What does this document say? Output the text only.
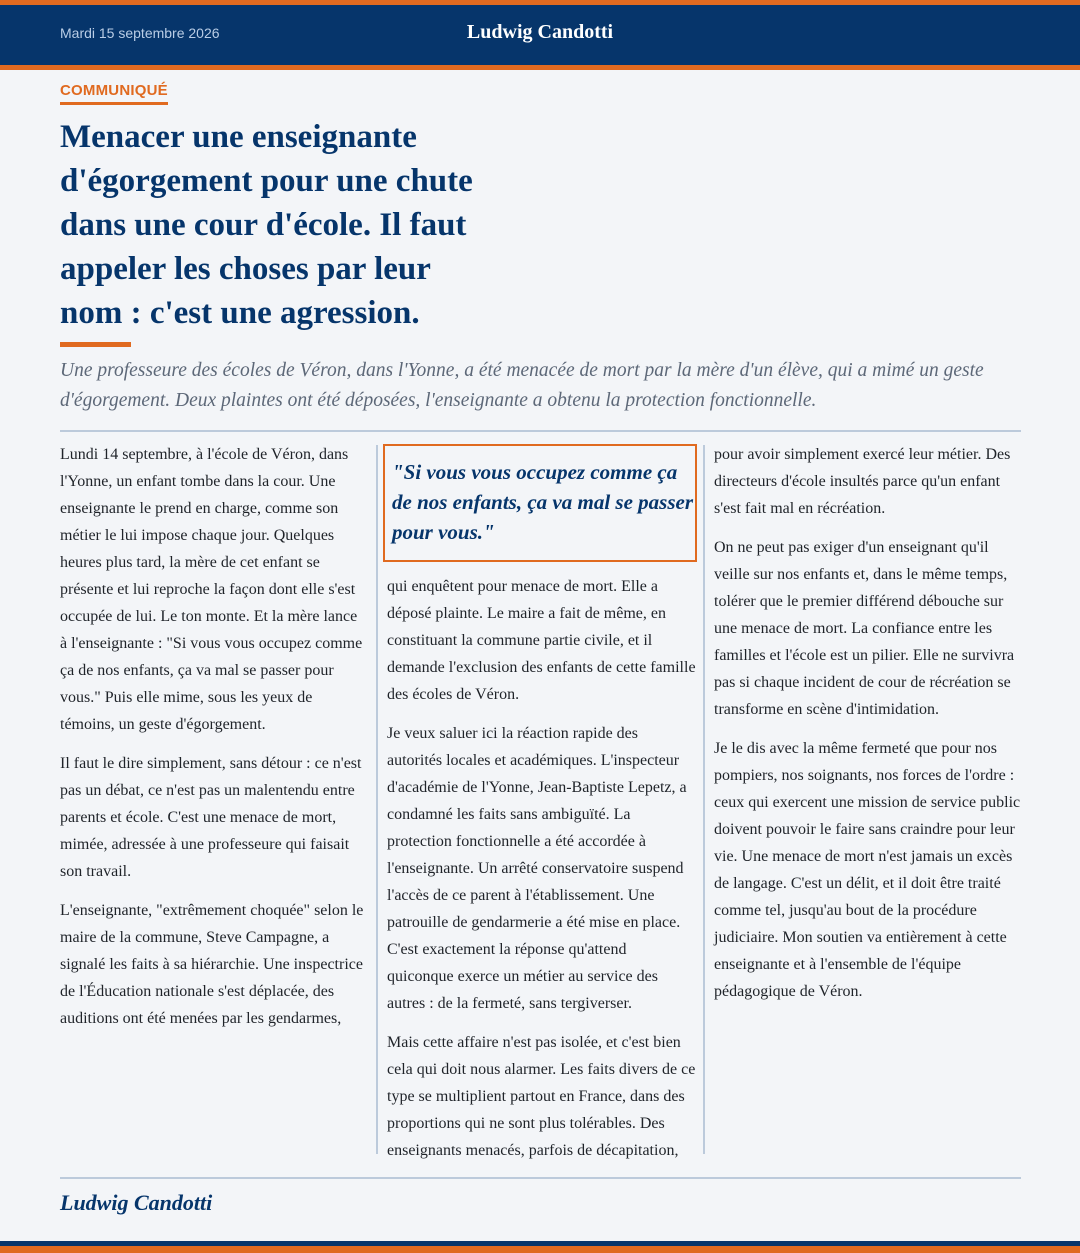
Mardi 15 septembre 2026	Ludwig Candotti
COMMUNIQUÉ
Menacer une enseignante d'égorgement pour une chute dans une cour d'école. Il faut appeler les choses par leur nom : c'est une agression.

Une professeure des écoles de Véron, dans l'Yonne, a été menacée de mort par la mère d'un élève, qui a mimé un geste d'égorgement. Deux plaintes ont été déposées, l'enseignante a obtenu la protection fonctionnelle.

Lundi 14 septembre, à l'école de Véron, dans l'Yonne, un enfant tombe dans la cour. Une enseignante le prend en charge, comme son métier le lui impose chaque jour. Quelques heures plus tard, la mère de cet enfant se présente et lui reproche la façon dont elle s'est occupée de lui. Le ton monte. Et la mère lance à l'enseignante : "Si vous vous occupez comme ça de nos enfants, ça va mal se passer pour vous." Puis elle mime, sous les yeux de témoins, un geste d'égorgement.

Il faut le dire simplement, sans détour : ce n'est pas un débat, ce n'est pas un malentendu entre parents et école. C'est une menace de mort, mimée, adressée à une professeure qui faisait son travail.

L'enseignante, "extrêmement choquée" selon le maire de la commune, Steve Campagne, a signalé les faits à sa hiérarchie. Une inspectrice de l'Éducation nationale s'est déplacée, des auditions ont été menées par les gendarmes,

"Si vous vous occupez comme ça de nos enfants, ça va mal se passer pour vous."

qui enquêtent pour menace de mort. Elle a déposé plainte. Le maire a fait de même, en constituant la commune partie civile, et il demande l'exclusion des enfants de cette famille des écoles de Véron.

Je veux saluer ici la réaction rapide des autorités locales et académiques. L'inspecteur d'académie de l'Yonne, Jean-Baptiste Lepetz, a condamné les faits sans ambiguïté. La protection fonctionnelle a été accordée à l'enseignante. Un arrêté conservatoire suspend l'accès de ce parent à l'établissement. Une patrouille de gendarmerie a été mise en place. C'est exactement la réponse qu'attend quiconque exerce un métier au service des autres : de la fermeté, sans tergiverser.

Mais cette affaire n'est pas isolée, et c'est bien cela qui doit nous alarmer. Les faits divers de ce type se multiplient partout en France, dans des proportions qui ne sont plus tolérables. Des enseignants menacés, parfois de décapitation,

pour avoir simplement exercé leur métier. Des directeurs d'école insultés parce qu'un enfant s'est fait mal en récréation.

On ne peut pas exiger d'un enseignant qu'il veille sur nos enfants et, dans le même temps, tolérer que le premier différend débouche sur une menace de mort. La confiance entre les familles et l'école est un pilier. Elle ne survivra pas si chaque incident de cour de récréation se transforme en scène d'intimidation.

Je le dis avec la même fermeté que pour nos pompiers, nos soignants, nos forces de l'ordre : ceux qui exercent une mission de service public doivent pouvoir le faire sans craindre pour leur vie. Une menace de mort n'est jamais un excès de langage. C'est un délit, et il doit être traité comme tel, jusqu'au bout de la procédure judiciaire. Mon soutien va entièrement à cette enseignante et à l'ensemble de l'équipe pédagogique de Véron.

Ludwig Candotti
